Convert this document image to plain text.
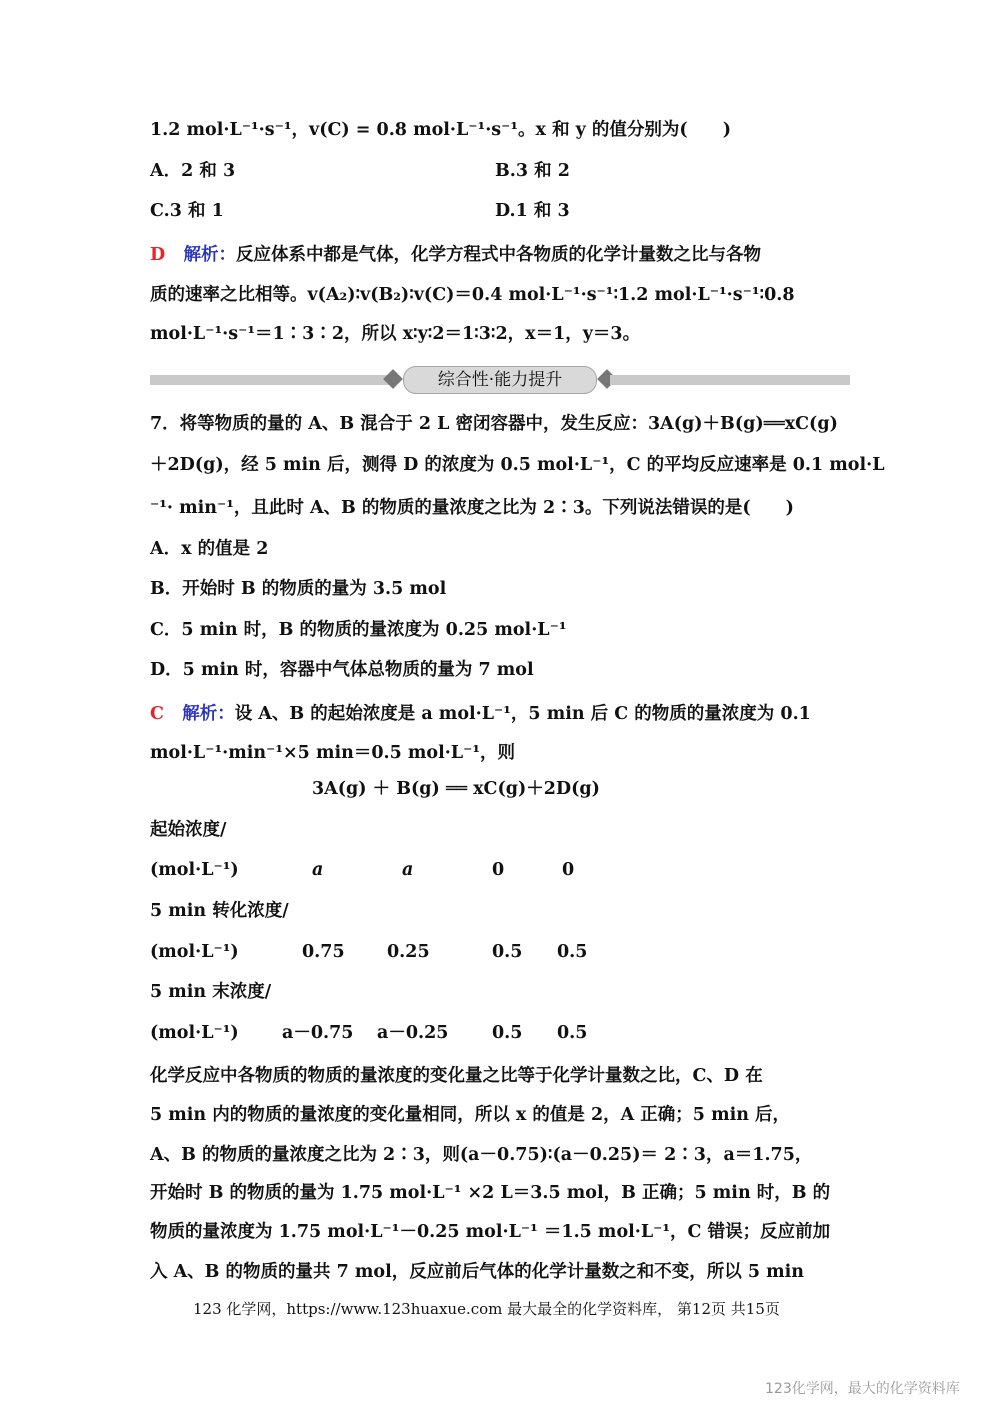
1.2 mol·L⁻¹·s⁻¹，v(C) = 0.8 mol·L⁻¹·s⁻¹。x 和 y 的值分别为(　　)
A．2 和 3	B.3 和 2
C.3 和 1	D.1 和 3
D 解析：反应体系中都是气体，化学方程式中各物质的化学计量数之比与各物
质的速率之比相等。v(A₂)∶v(B₂)∶v(C)＝0.4 mol·L⁻¹·s⁻¹∶1.2 mol·L⁻¹·s⁻¹∶0.8
mol·L⁻¹·s⁻¹＝1∶3∶2，所以 x∶y∶2＝1∶3∶2，x＝1，y＝3。
综合性·能力提升
7．将等物质的量的 A、B 混合于 2 L 密闭容器中，发生反应：3A(g)＋B(g)══xC(g)
＋2D(g)，经 5 min 后，测得 D 的浓度为 0.5 mol·L⁻¹，C 的平均反应速率是 0.1 mol·L
⁻¹· min⁻¹，且此时 A、B 的物质的量浓度之比为 2∶3。下列说法错误的是(　　)
A．x 的值是 2
B．开始时 B 的物质的量为 3.5 mol
C．5 min 时，B 的物质的量浓度为 0.25 mol·L⁻¹
D．5 min 时，容器中气体总物质的量为 7 mol
C 解析：设 A、B 的起始浓度是 a mol·L⁻¹，5 min 后 C 的物质的量浓度为 0.1
mol·L⁻¹·min⁻¹×5 min＝0.5 mol·L⁻¹，则
3A(g) ＋ B(g) ══ xC(g)＋2D(g)
起始浓度/
(mol·L⁻¹)	a	a	0	0
5 min 转化浓度/
(mol·L⁻¹)	0.75 0.25	0.5 0.5
5 min 末浓度/
(mol·L⁻¹) a－0.75 a－0.25 0.5 0.5
化学反应中各物质的物质的量浓度的变化量之比等于化学计量数之比，C、D 在
5 min 内的物质的量浓度的变化量相同，所以 x 的值是 2，A 正确；5 min 后，
A、B 的物质的量浓度之比为 2∶3，则(a－0.75)∶(a－0.25)＝ 2∶3，a＝1.75，
开始时 B 的物质的量为 1.75 mol·L⁻¹ ×2 L＝3.5 mol，B 正确；5 min 时，B 的
物质的量浓度为 1.75 mol·L⁻¹－0.25 mol·L⁻¹ ＝1.5 mol·L⁻¹，C 错误；反应前加
入 A、B 的物质的量共 7 mol，反应前后气体的化学计量数之和不变，所以 5 min
123 化学网，https://www.123huaxue.com 最大最全的化学资料库， 第12页 共15页
123化学网，最大的化学资料库
